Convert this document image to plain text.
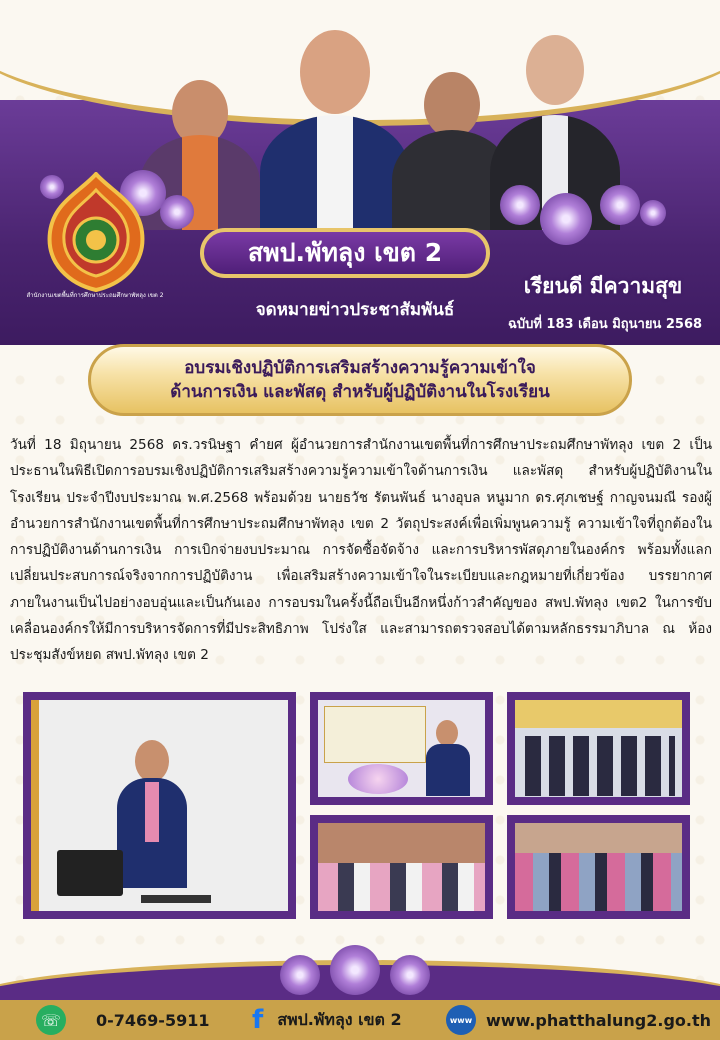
สำนักงานเขตพื้นที่การศึกษาประถมศึกษาพัทลุง เขต 2
สพป.พัทลุง เขต 2
เรียนดี มีความสุข
จดหมายข่าวประชาสัมพันธ์
ฉบับที่ 183 เดือน มิถุนายน 2568
อบรมเชิงปฏิบัติการเสริมสร้างความรู้ความเข้าใจ
ด้านการเงิน และพัสดุ สำหรับผู้ปฏิบัติงานในโรงเรียน
วันที่ 18 มิถุนายน 2568 ดร.วรนิษฐา คำยศ ผู้อำนวยการสำนักงานเขตพื้นที่การศึกษาประถมศึกษาพัทลุง เขต 2 เป็นประธานในพิธีเปิดการอบรมเชิงปฏิบัติการเสริมสร้างความรู้ความเข้าใจด้านการเงิน และพัสดุ สำหรับผู้ปฏิบัติงานในโรงเรียน ประจำปีงบประมาณ พ.ศ.2568 พร้อมด้วย นายธวัช รัตนพันธ์ นางอุบล หนูมาก ดร.ศุภเชษฐ์ กาญจนมณี รองผู้อำนวยการสำนักงานเขตพื้นที่การศึกษาประถมศึกษาพัทลุง เขต 2 วัตถุประสงค์เพื่อเพิ่มพูนความรู้ ความเข้าใจที่ถูกต้องในการปฏิบัติงานด้านการเงิน การเบิกจ่ายงบประมาณ การจัดซื้อจัดจ้าง และการบริหารพัสดุภายในองค์กร พร้อมทั้งแลกเปลี่ยนประสบการณ์จริงจากการปฏิบัติงาน เพื่อเสริมสร้างความเข้าใจในระเบียบและกฎหมายที่เกี่ยวข้อง บรรยากาศภายในงานเป็นไปอย่างอบอุ่นและเป็นกันเอง การอบรมในครั้งนี้ถือเป็นอีกหนึ่งก้าวสำคัญของ สพป.พัทลุง เขต2 ในการขับเคลื่อนองค์กรให้มีการบริหารจัดการที่มีประสิทธิภาพ โปร่งใส และสามารถตรวจสอบได้ตามหลักธรรมาภิบาล ณ ห้องประชุมสังข์หยด สพป.พัทลุง เขต 2
☏	0-7469-5911 f สพป.พัทลุง เขต 2	www www.phatthalung2.go.th
